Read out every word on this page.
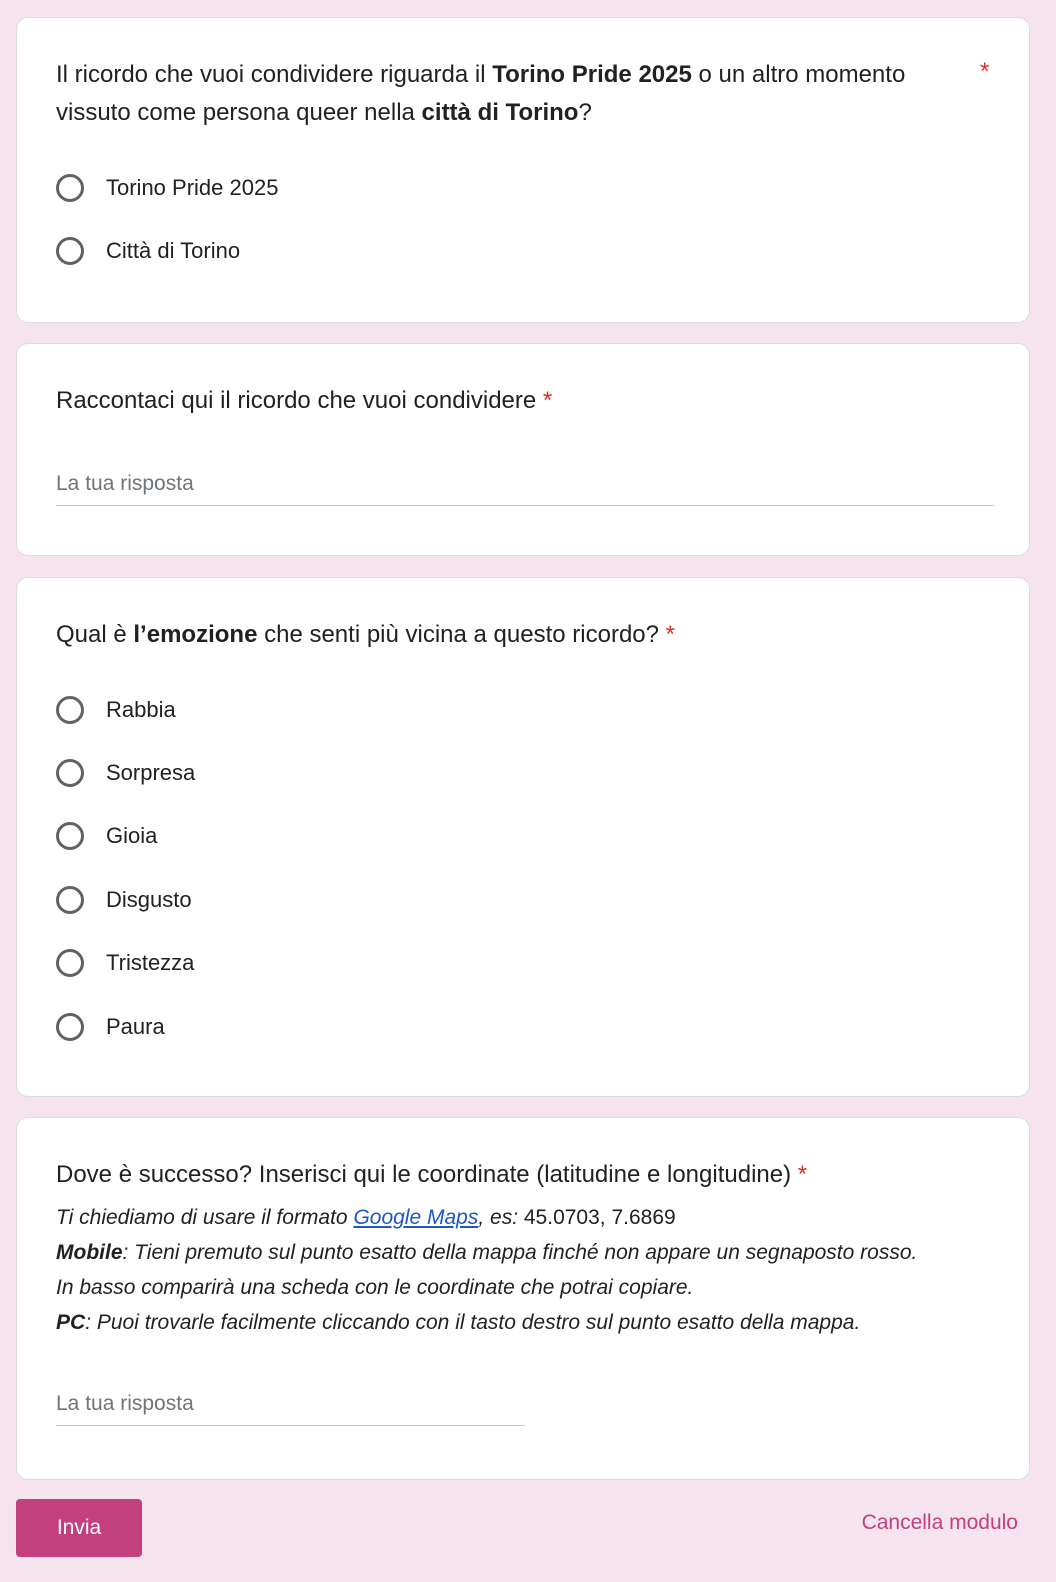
Il ricordo che vuoi condividere riguarda il Torino Pride 2025 o un altro momento
vissuto come persona queer nella città di Torino?
*
Torino Pride 2025
Città di Torino
Raccontaci qui il ricordo che vuoi condividere *
La tua risposta
Qual è l’emozione che senti più vicina a questo ricordo? *
Rabbia
Sorpresa
Gioia
Disgusto
Tristezza
Paura
Dove è successo? Inserisci qui le coordinate (latitudine e longitudine) *
Ti chiediamo di usare il formato Google Maps, es: 45.0703, 7.6869
Mobile: Tieni premuto sul punto esatto della mappa finché non appare un segnaposto rosso.
In basso comparirà una scheda con le coordinate che potrai copiare.
PC: Puoi trovarle facilmente cliccando con il tasto destro sul punto esatto della mappa.
La tua risposta
Invia	Cancella modulo
